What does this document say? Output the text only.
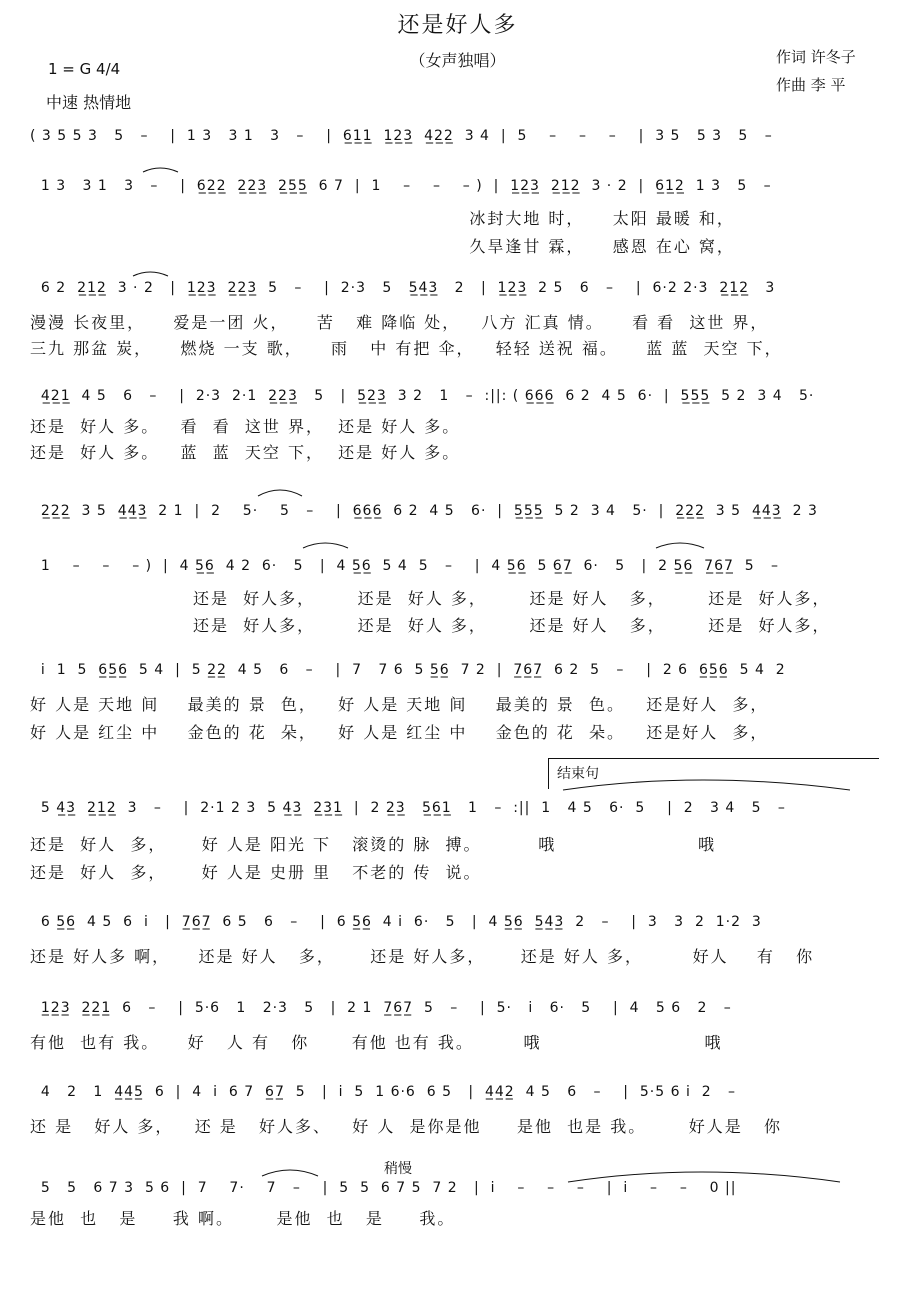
还是好人多
（女声独唱）
1 = G 4/4
中速 热情地
作词 许冬子
作曲 李 平
( 3 5 5 3   5   –    |  1 3   3 1   3   –    |  6̲1̲1̲  1̲2̲3̲  4̲2̲2̲  3 4  |  5    –    –    –    |  3 5   5 3   5   –
1 3   3 1   3   –    |  6̲2̲2̲  2̲2̲3̲  2̲5̲5̲  6 7  |  1    –    –    – )  |  1̲2̲3̲  2̲1̲2̲  3 · 2  |  6̲1̲2̲  1 3   5   –
冰封大地 时，    太阳 最暖 和，
久旱逢甘 霖，    感恩 在心 窝，
6 2  2̲1̲2̲  3 · 2   |  1̲2̲3̲  2̲2̲3̲  5   –    |  2·3   5   5̲4̲3̲   2   |  1̲2̲3̲  2 5   6   –    |  6·2 2·3  2̲1̲2̲   3
漫漫 长夜里，    爱是一团 火，    苦   难 降临 处，   八方 汇真 情。    看 看  这世 界，
三九 那盆 炭，    燃烧 一支 歌，    雨   中 有把 伞，   轻轻 送祝 福。    蓝 蓝  天空 下，
4̲2̲1̲  4 5   6   –    |  2·3  2·1  2̲2̲3̲   5   |  5̲2̲3̲  3 2   1   –  :||: ( 6̲6̲6̲  6 2  4 5  6·  |  5̲5̲5̲  5 2  3 4   5·
还是  好人 多。   看  看  这世 界，  还是 好人 多。
还是  好人 多。   蓝  蓝  天空 下，  还是 好人 多。
2̲2̲2̲  3 5  4̲4̲3̲  2 1  |  2    5·    5   –    |  6̲6̲6̲  6 2  4 5   6·  |  5̲5̲5̲  5 2  3 4   5·  |  2̲2̲2̲  3 5  4̲4̲3̲  2 3
1    –    –    – )  |  4 5̲6̲  4 2  6·   5   |  4 5̲6̲  5 4  5   –    |  4 5̲6̲  5 6̲7̲  6·   5   |  2 5̲6̲  7̲6̲7̲  5   –
还是  好人多，      还是  好人 多，      还是 好人   多，      还是  好人多，
还是  好人多，      还是  好人 多，      还是 好人   多，      还是  好人多，
i  1  5  6̲5̲6̲  5 4  |  5 2̲2̲  4 5   6   –    |  7   7 6  5 5̲6̲  7 2  |  7̲6̲7̲  6 2  5   –    |  2 6  6̲5̲6̲  5 4  2
好 人是 天地 间    最美的 景  色，   好 人是 天地 间    最美的 景  色。   还是好人  多，
好 人是 红尘 中    金色的 花  朵，   好 人是 红尘 中    金色的 花  朵。   还是好人  多，
结束句
5 4̲3̲  2̲1̲2̲  3   –    |  2·1 2 3  5 4̲3̲  2̲3̲1̲  |  2 2̲3̲   5̲6̲1̲   1   –  :||  1   4 5   6·  5    |  2   3 4   5   –
还是  好人  多，     好 人是 阳光 下   滚烫的 脉  搏。        哦                    哦
还是  好人  多，     好 人是 史册 里   不老的 传  说。
6 5̲6̲  4 5  6  i   |  7̲6̲7̲  6 5   6   –    |  6 5̲6̲  4 i  6·   5   |  4 5̲6̲  5̲4̲3̲  2   –    |  3   3  2  1·2  3
还是 好人多 啊，    还是 好人   多，     还是 好人多，     还是 好人 多，       好人    有   你
1̲2̲3̲  2̲2̲1̲  6   –    |  5·6   1   2·3   5   |  2 1  7̲6̲7̲  5   –    |  5·   i   6·   5    |  4   5 6   2   –
有他  也有 我。    好   人 有   你      有他 也有 我。       哦                       哦
4   2   1  4̲4̲5̲  6  |  4  i  6 7  6̲7̲  5   |  i  5  1 6·6  6 5   |  4̲4̲2̲  4 5   6   –    |  5·5 6 i  2   –
还 是   好人 多，   还 是   好人多、   好 人  是你是他     是他  也是 我。      好人是   你
稍慢
5   5   6 7 3  5 6  |  7    7·    7   –    |  5  5  6 7 5  7 2   |  i    –    –    –    |  i    –    –    0 ||
是他  也   是     我 啊。      是他  也   是     我。
